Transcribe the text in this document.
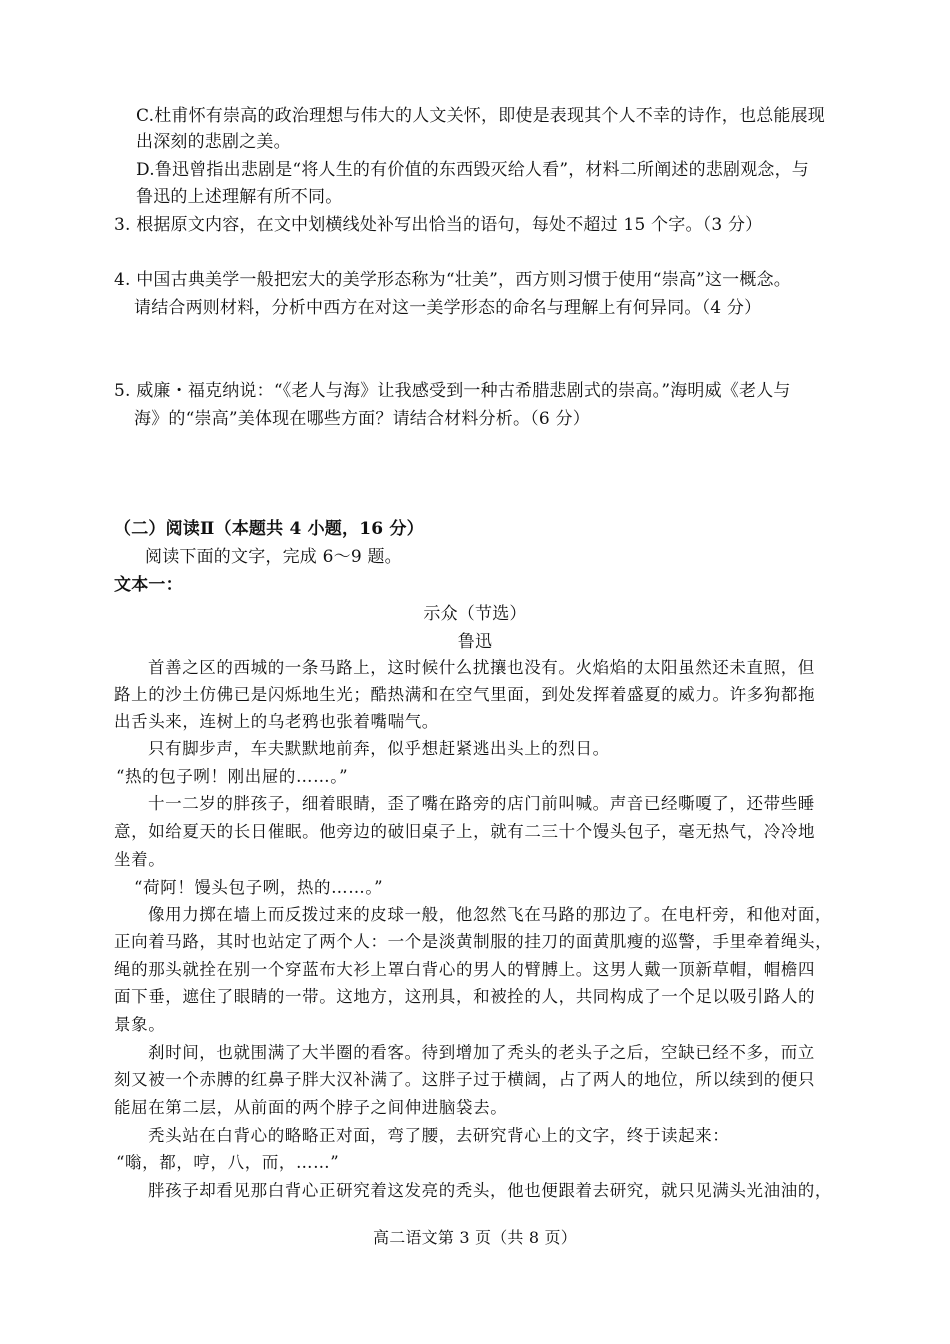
C.杜甫怀有崇高的政治理想与伟大的人文关怀，即使是表现其个人不幸的诗作，也总能展现
出深刻的悲剧之美。
D.鲁迅曾指出悲剧是“将人生的有价值的东西毁灭给人看”，材料二所阐述的悲剧观念，与
鲁迅的上述理解有所不同。
3. 根据原文内容，在文中划横线处补写出恰当的语句，每处不超过 15 个字。（3 分）
4. 中国古典美学一般把宏大的美学形态称为“壮美”，西方则习惯于使用“崇高”这一概念。
请结合两则材料，分析中西方在对这一美学形态的命名与理解上有何异同。（4 分）
5. 威廉・福克纳说：“《老人与海》让我感受到一种古希腊悲剧式的崇高。”海明威《老人与
海》的“崇高”美体现在哪些方面？请结合材料分析。（6 分）
（二）阅读Ⅱ（本题共 4 小题，16 分）
阅读下面的文字，完成 6～9 题。
文本一：
示众（节选）
鲁迅
首善之区的西城的一条马路上，这时候什么扰攘也没有。火焰焰的太阳虽然还未直照，但
路上的沙土仿佛已是闪烁地生光；酷热满和在空气里面，到处发挥着盛夏的威力。许多狗都拖
出舌头来，连树上的乌老鸦也张着嘴喘气。
只有脚步声，车夫默默地前奔，似乎想赶紧逃出头上的烈日。
“热的包子咧！刚出屉的……。”
十一二岁的胖孩子，细着眼睛，歪了嘴在路旁的店门前叫喊。声音已经嘶嗄了，还带些睡
意，如给夏天的长日催眠。他旁边的破旧桌子上，就有二三十个馒头包子，毫无热气，冷冷地
坐着。
“荷阿！馒头包子咧，热的……。”
像用力掷在墙上而反拨过来的皮球一般，他忽然飞在马路的那边了。在电杆旁，和他对面，
正向着马路，其时也站定了两个人：一个是淡黄制服的挂刀的面黄肌瘦的巡警，手里牵着绳头，
绳的那头就拴在别一个穿蓝布大衫上罩白背心的男人的臂膊上。这男人戴一顶新草帽，帽檐四
面下垂，遮住了眼睛的一带。这地方，这刑具，和被拴的人，共同构成了一个足以吸引路人的
景象。
刹时间，也就围满了大半圈的看客。待到增加了秃头的老头子之后，空缺已经不多，而立
刻又被一个赤膊的红鼻子胖大汉补满了。这胖子过于横阔，占了两人的地位，所以续到的便只
能屈在第二层，从前面的两个脖子之间伸进脑袋去。
秃头站在白背心的略略正对面，弯了腰，去研究背心上的文字，终于读起来：
“嗡，都，哼，八，而，……”
胖孩子却看见那白背心正研究着这发亮的秃头，他也便跟着去研究，就只见满头光油油的，
高二语文第 3 页（共 8 页）
